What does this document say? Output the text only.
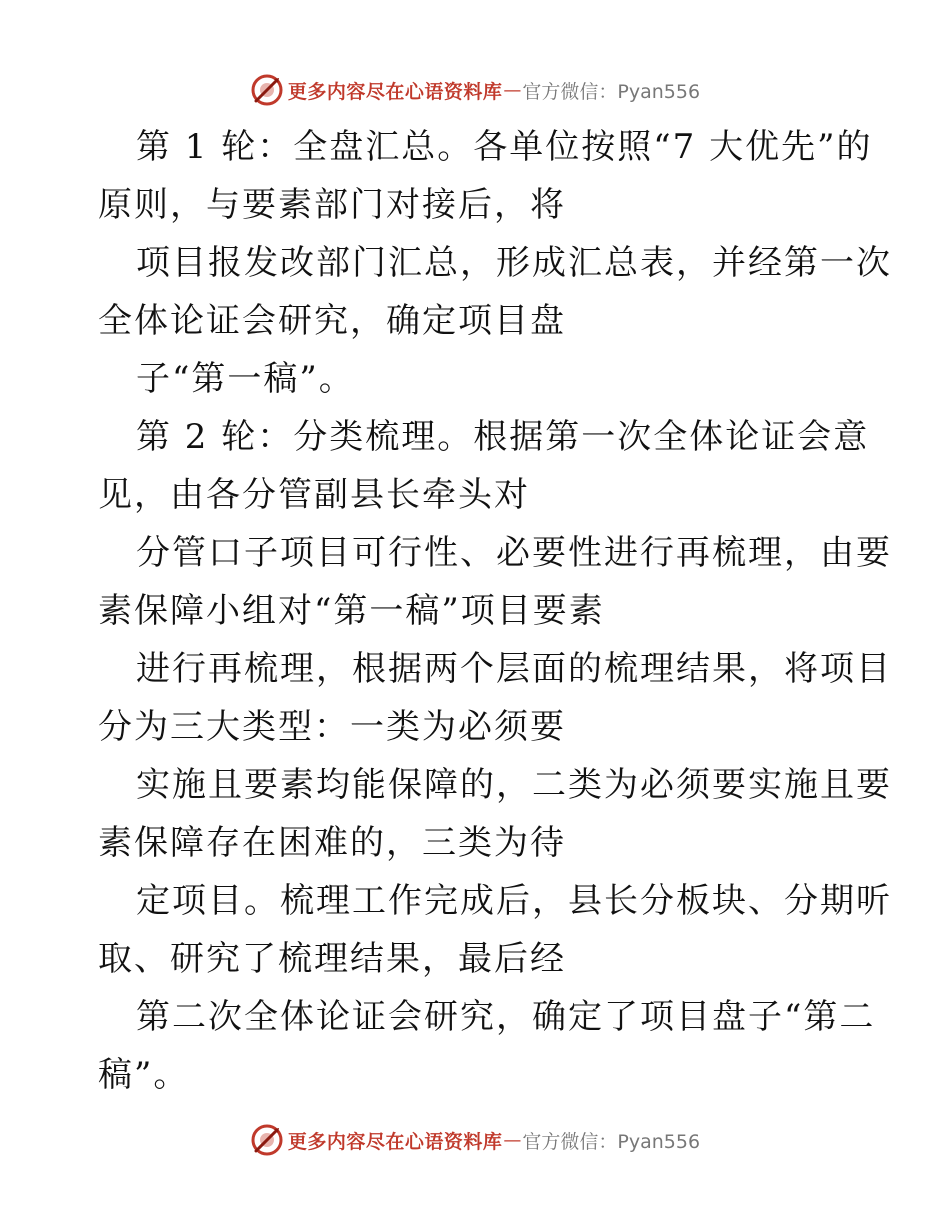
更多内容尽在心语资料库 — 官方微信：Pyan556
第 1 轮：全盘汇总。各单位按照“7 大优先”的
原则，与要素部门对接后，将
项目报发改部门汇总，形成汇总表，并经第一次
全体论证会研究，确定项目盘
子“第一稿”。
第 2 轮：分类梳理。根据第一次全体论证会意
见，由各分管副县长牵头对
分管口子项目可行性、必要性进行再梳理，由要
素保障小组对“第一稿”项目要素
进行再梳理，根据两个层面的梳理结果，将项目
分为三大类型：一类为必须要
实施且要素均能保障的，二类为必须要实施且要
素保障存在困难的，三类为待
定项目。梳理工作完成后，县长分板块、分期听
取、研究了梳理结果，最后经
第二次全体论证会研究，确定了项目盘子“第二
稿”。
更多内容尽在心语资料库 — 官方微信：Pyan556
